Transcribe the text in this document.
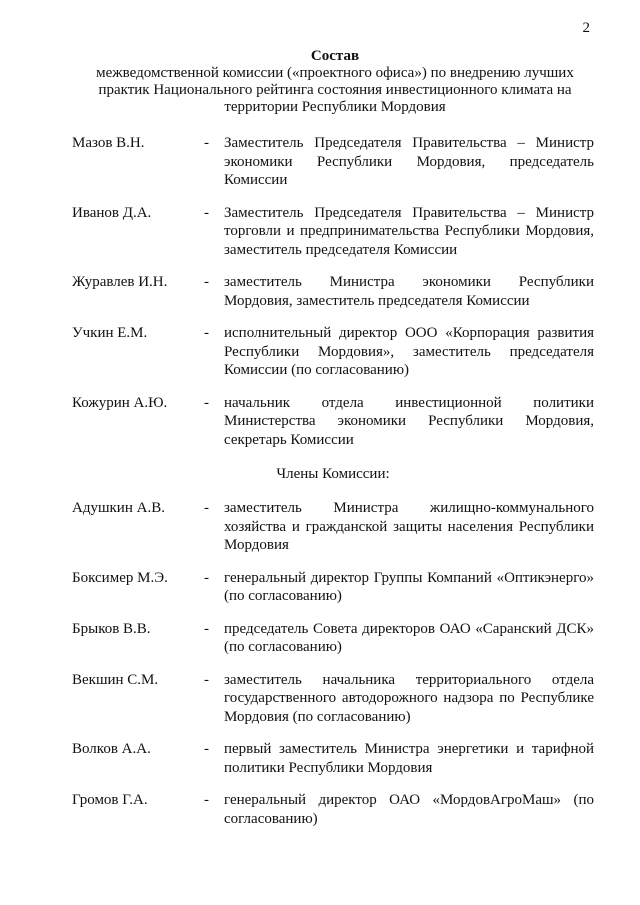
2
Состав
межведомственной комиссии («проектного офиса») по внедрению лучших
практик Национального рейтинга состояния инвестиционного климата на
территории Республики Мордовия
Мазов В.Н.	-	Заместитель Председателя Правительства – Министр экономики Республики Мордовия, председатель Комиссии
Иванов Д.А.	-	Заместитель Председателя Правительства – Министр торговли и предпринимательства Республики Мордовия, заместитель председателя Комиссии
Журавлев И.Н.	-	заместитель Министра экономики Республики Мордовия, заместитель председателя Комиссии
Учкин Е.М.	-	исполнительный директор ООО «Корпорация развития Республики Мордовия», заместитель председателя Комиссии (по согласованию)
Кожурин А.Ю.	-	начальник отдела инвестиционной политики Министерства экономики Республики Мордовия, секретарь Комиссии
Члены Комиссии:
Адушкин А.В.	-	заместитель Министра жилищно-коммунального хозяйства и гражданской защиты населения Республики Мордовия
Боксимер М.Э.	-	генеральный директор Группы Компаний «Оптикэнерго» (по согласованию)
Брыков В.В.	-	председатель Совета директоров ОАО «Саранский ДСК» (по согласованию)
Векшин С.М.	-	заместитель начальника территориального отдела государственного автодорожного надзора по Республике Мордовия (по согласованию)
Волков А.А.	-	первый заместитель Министра энергетики и тарифной политики Республики Мордовия
Громов Г.А.	-	генеральный директор ОАО «МордовАгроМаш» (по согласованию)
